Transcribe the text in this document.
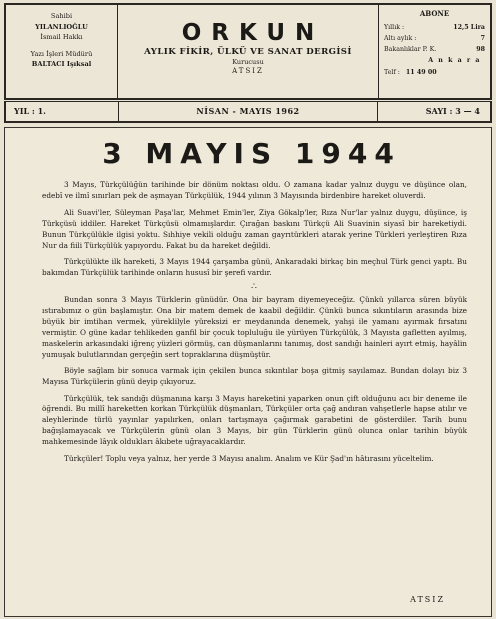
Sahibi
YILANLIOĞLU
İsmail Hakkı
Yazı İşleri Müdürü
BALTACI Işıksal
ORKUN
AYLIK FİKİR, ÜLKÜ VE SANAT DERGİSİ
Kurucusu
ATSIZ
ABONE
Yıllık :	12,5 Lira
Altı aylık :	7
Bakanlıklar P. K.	98
A n k a r a
Telf : 11 49 00
YIL : 1.	NİSAN - MAYIS 1962	SAYI : 3 — 4
3 MAYIS 1944

3 Mayıs, Türkçülüğün tarihinde bir dönüm noktası oldu. O zamana kadar yalnız duygu ve düşünce olan, edebî ve ilmî sınırları pek de aşmayan Türkçülük, 1944 yılının 3 Mayısında birdenbire hareket oluverdi.

Ali Suavi'ler, Süleyman Paşa'lar, Mehmet Emin'ler, Ziya Gökalp'ler, Rıza Nur'lar yalnız duygu, düşünce, iş Türkçüsü iddiler. Hareket Türkçüsü olmamışlardır. Çırağan baskını Türkçü Ali Suavinin siyasî bir hareketiydi. Bunun Türkçülükle ilgisi yoktu. Sıhhiye vekili olduğu zaman gayrıtürkleri atarak yerine Türkleri yerleştiren Rıza Nur da fiili Türkçülük yapıyordu. Fakat bu da hareket değildi.

Türkçülükte ilk hareketi, 3 Mayıs 1944 çarşamba günü, Ankaradaki birkaç bin meçhul Türk genci yaptı. Bu bakımdan Türkçülük tarihinde onların hususî bir şerefi vardır.

∴

Bundan sonra 3 Mayıs Türklerin günüdür. Ona bir bayram diyemeyeceğiz. Çünkü yıllarca süren büyük ıstırabımız o gün başlamıştır. Ona bir matem demek de kaabil değildir. Çünkü bunca sıkıntıların arasında bize büyük bir imtihan vermek, yüreklilyle yüreksizi er meydanında denemek, yahşi ile yamanı ayırmak fırsatını vermiştir. O güne kadar tehlikeden ganfil bir çocuk topluluğu ile yürüyen Türkçülük, 3 Mayısta gafletten ayılmış, maskelerin arkasındaki iğrenç yüzleri görmüş, can düşmanlarını tanımış, dost sandığı hainleri ayırt etmiş, hayâlin yumuşak bulutlarından gerçeğin sert topraklarına düşmüştür.

Böyle sağlam bir sonuca varmak için çekilen bunca sıkıntılar boşa gitmiş sayılamaz. Bundan dolayı biz 3 Mayısa Türkçülerin günü deyip çıkıyoruz.

Türkçülük, tek sandığı düşmanına karşı 3 Mayıs hareketini yaparken onun çift olduğunu acı bir deneme ile öğrendi. Bu millî hareketten korkan Türkçülük düşmanları, Türkçüler orta çağ andıran vahşetlerle hapse atılır ve aleyhlerinde türlü yayınlar yapılırken, onları tartışmaya çağırmak garabetini de gösterdiler. Tarih bunu bağışlamayacak ve Türkçülerin günü olan 3 Mayıs, bir gün Türklerin günü olunca onlar tarihin büyük mahkemesinde lâyık oldukları âkıbete uğrayacaklardır.

Türkçüler! Toplu veya yalnız, her yerde 3 Mayısı analım. Analım ve Kür Şad'ın hâtırasını yüceltelim.

ATSIZ
